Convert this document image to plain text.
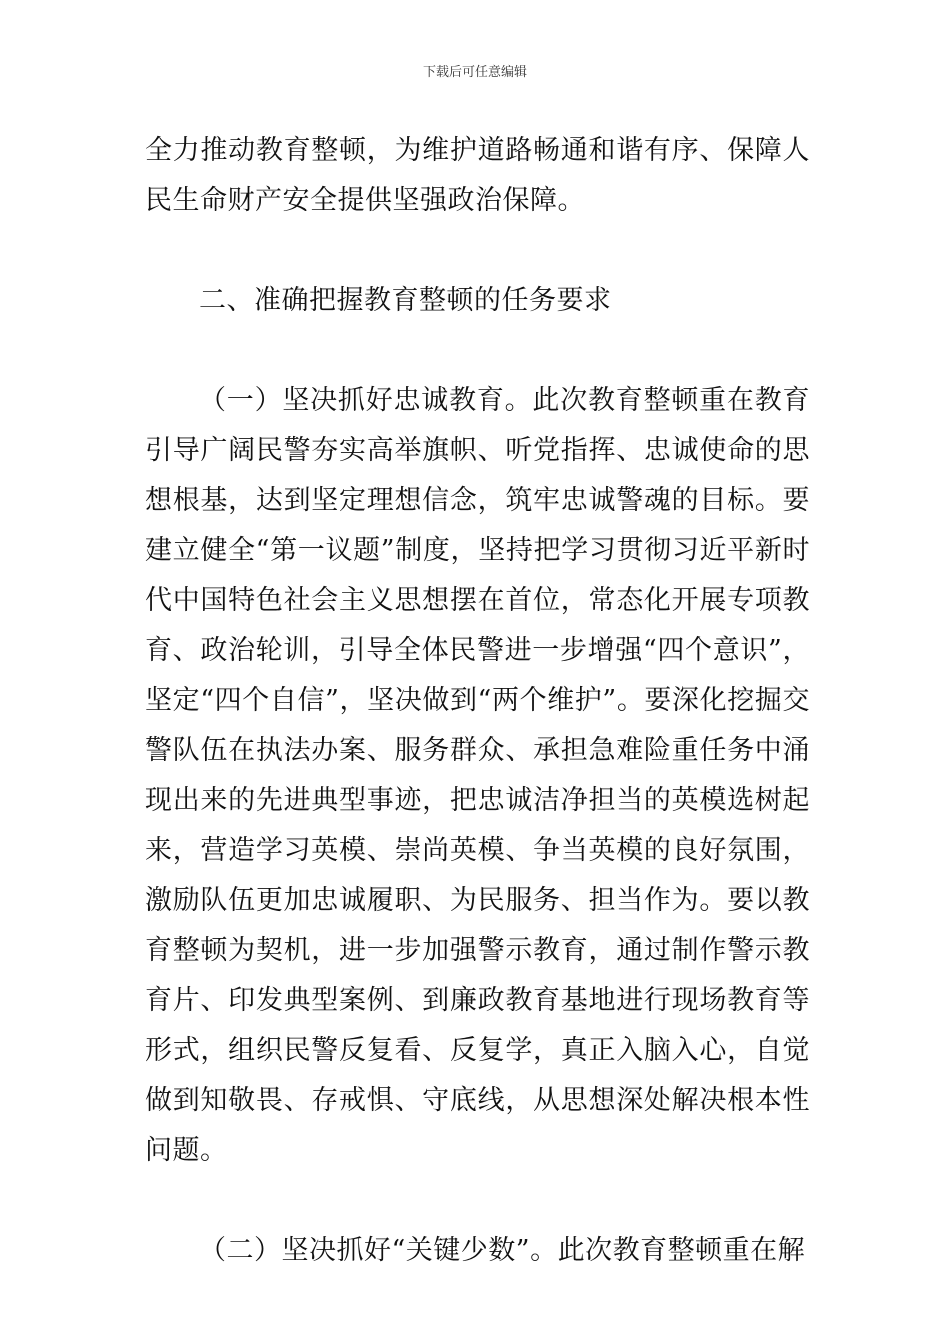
下载后可任意编辑

全力推动教育整顿，为维护道路畅通和谐有序、保障人民生命财产安全提供坚强政治保障。

二、准确把握教育整顿的任务要求

（一）坚决抓好忠诚教育。此次教育整顿重在教育引导广阔民警夯实高举旗帜、听党指挥、忠诚使命的思想根基，达到坚定理想信念，筑牢忠诚警魂的目标。要建立健全“第一议题”制度，坚持把学习贯彻习近平新时代中国特色社会主义思想摆在首位，常态化开展专项教育、政治轮训，引导全体民警进一步增强“四个意识”，坚定“四个自信”，坚决做到“两个维护”。要深化挖掘交警队伍在执法办案、服务群众、承担急难险重任务中涌现出来的先进典型事迹，把忠诚洁净担当的英模选树起来，营造学习英模、崇尚英模、争当英模的良好氛围，激励队伍更加忠诚履职、为民服务、担当作为。要以教育整顿为契机，进一步加强警示教育，通过制作警示教育片、印发典型案例、到廉政教育基地进行现场教育等形式，组织民警反复看、反复学，真正入脑入心，自觉做到知敬畏、存戒惧、守底线，从思想深处解决根本性问题。

（二）坚决抓好“关键少数”。此次教育整顿重在解
